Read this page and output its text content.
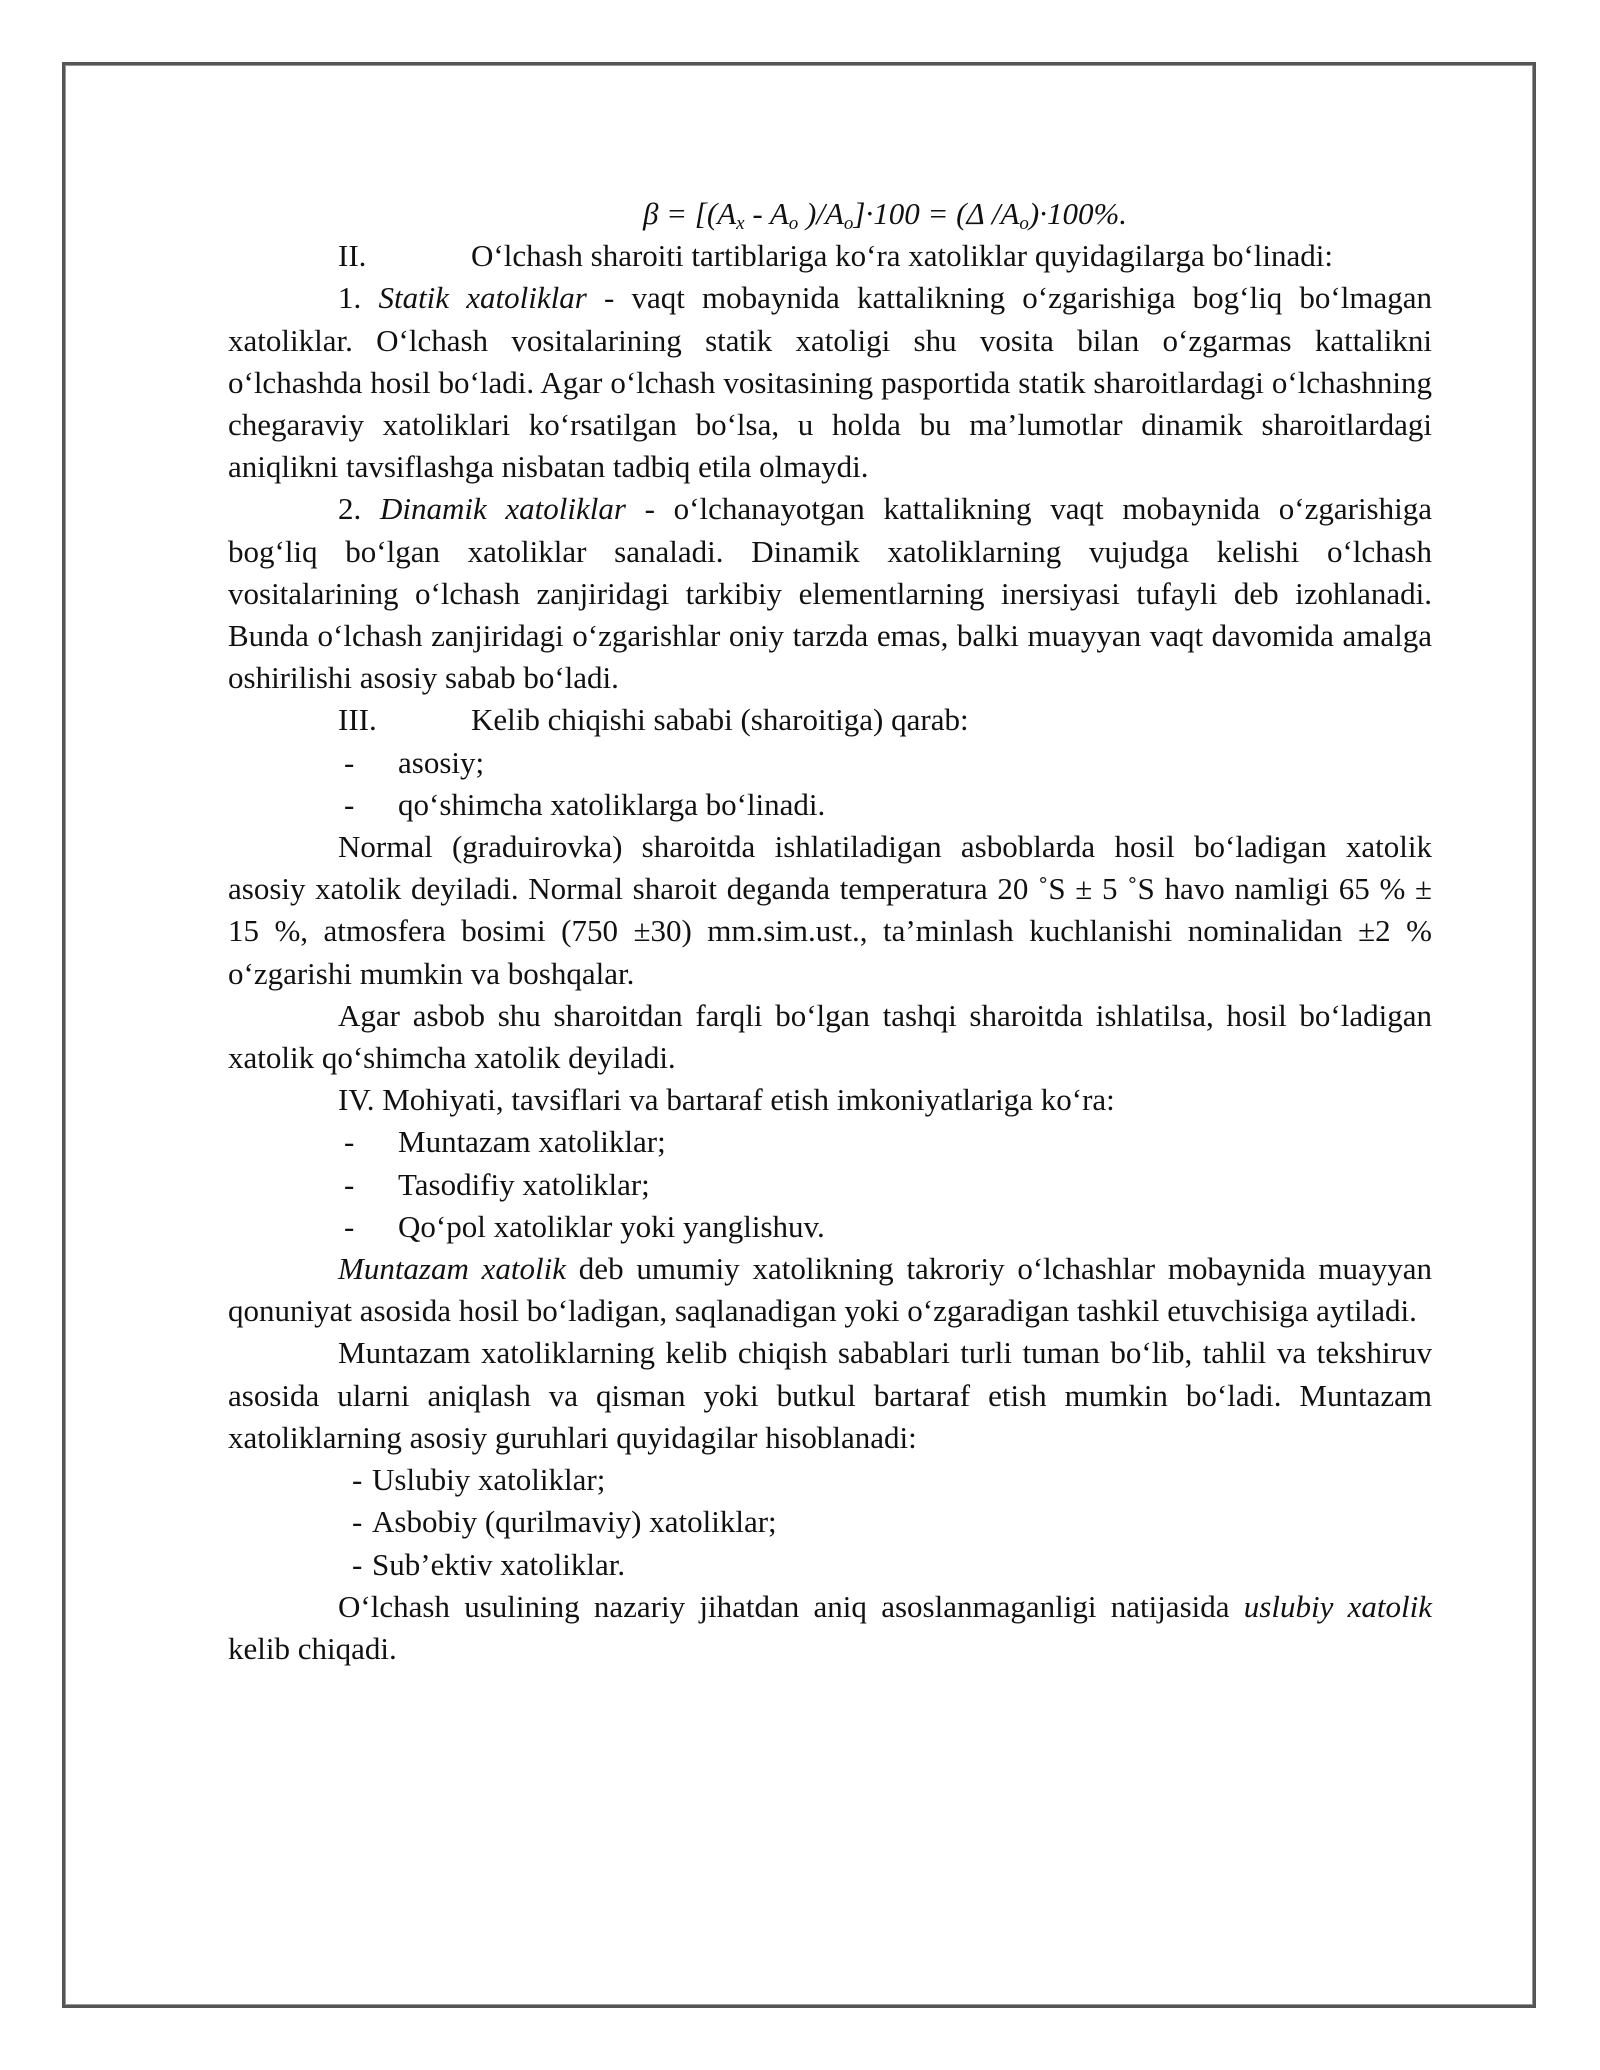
$\beta = [(A_x - A_o$ )$/A_o]\cdot 100 = (\Delta$ $/A_o)\cdot 100\%$.

II.	O‘lchash sharoiti tartiblariga ko‘ra xatoliklar quyidagilarga bo‘linadi:

1. Statik xatoliklar - vaqt mobaynida kattalikning o‘zgarishiga bog‘liq bo‘lmagan xatoliklar. O‘lchash vositalarining statik xatoligi shu vosita bilan o‘zgarmas kattalikni o‘lchashda hosil bo‘ladi. Agar o‘lchash vositasining pasportida statik sharoitlardagi o‘lchashning chegaraviy xatoliklari ko‘rsatilgan bo‘lsa, u holda bu ma’lumotlar dinamik sharoitlardagi aniqlikni tavsiflashga nisbatan tadbiq etila olmaydi.

2. Dinamik xatoliklar - o‘lchanayotgan kattalikning vaqt mobaynida o‘zgarishiga bog‘liq bo‘lgan xatoliklar sanaladi. Dinamik xatoliklarning vujudga kelishi o‘lchash vositalarining o‘lchash zanjiridagi tarkibiy elementlarning inersiyasi tufayli deb izohlanadi. Bunda o‘lchash zanjiridagi o‘zgarishlar oniy tarzda emas, balki muayyan vaqt davomida amalga oshirilishi asosiy sabab bo‘ladi.

III.	Kelib chiqishi sababi (sharoitiga) qarab:

-	asosiy;

-	qo‘shimcha xatoliklarga bo‘linadi.

Normal (graduirovka) sharoitda ishlatiladigan asboblarda hosil bo‘ladigan xatolik asosiy xatolik deyiladi. Normal sharoit deganda temperatura 20 ˚S ± 5 ˚S havo namligi 65 % ± 15 %, atmosfera bosimi (750 ±30) mm.sim.ust., ta’minlash kuchlanishi nominalidan ±2 % o‘zgarishi mumkin va boshqalar.

Agar asbob shu sharoitdan farqli bo‘lgan tashqi sharoitda ishlatilsa, hosil bo‘ladigan xatolik qo‘shimcha xatolik deyiladi.

IV. Mohiyati, tavsiflari va bartaraf etish imkoniyatlariga ko‘ra:

-	Muntazam xatoliklar;

-	Tasodifiy xatoliklar;

-	Qo‘pol xatoliklar yoki yanglishuv.

Muntazam xatolik deb umumiy xatolikning takroriy o‘lchashlar mobaynida muayyan qonuniyat asosida hosil bo‘ladigan, saqlanadigan yoki o‘zgaradigan tashkil etuvchisiga aytiladi.

Muntazam xatoliklarning kelib chiqish sabablari turli tuman bo‘lib, tahlil va tekshiruv asosida ularni aniqlash va qisman yoki butkul bartaraf etish mumkin bo‘ladi. Muntazam xatoliklarning asosiy guruhlari quyidagilar hisoblanadi:

- Uslubiy xatoliklar;

- Asbobiy (qurilmaviy) xatoliklar;

- Sub’ektiv xatoliklar.

O‘lchash usulining nazariy jihatdan aniq asoslanmaganligi natijasida uslubiy xatolik kelib chiqadi.
